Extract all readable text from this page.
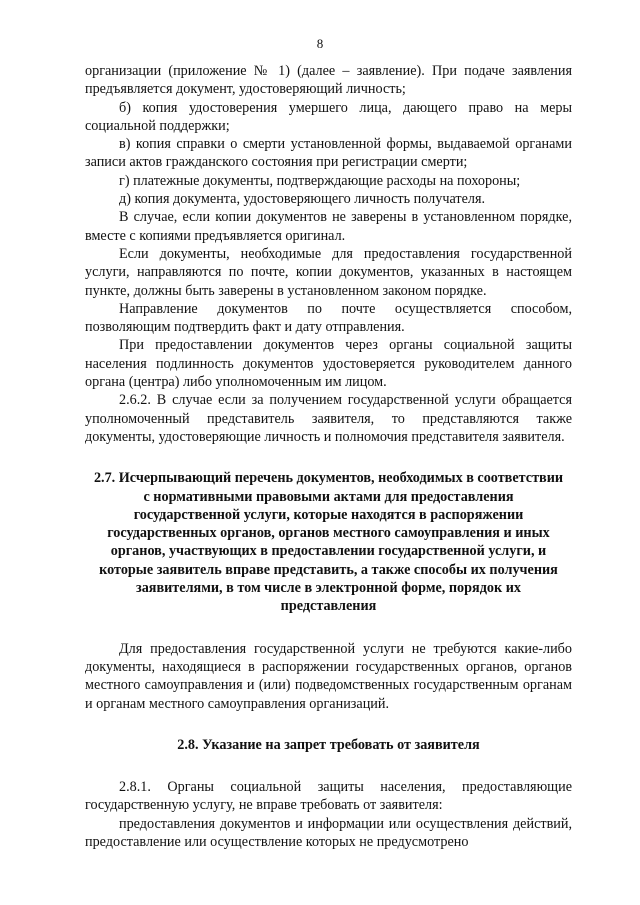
8

организации (приложение № 1) (далее – заявление). При подаче заявления предъявляется документ, удостоверяющий личность;

б) копия удостоверения умершего лица, дающего право на меры социальной поддержки;

в) копия справки о смерти установленной формы, выдаваемой органами записи актов гражданского состояния при регистрации смерти;

г) платежные документы, подтверждающие расходы на похороны;

д) копия документа, удостоверяющего личность получателя.

В случае, если копии документов не заверены в установленном порядке, вместе с копиями предъявляется оригинал.

Если документы, необходимые для предоставления государственной услуги, направляются по почте, копии документов, указанных в настоящем пункте, должны быть заверены в установленном законом порядке.

Направление документов по почте осуществляется способом, позволяющим подтвердить факт и дату отправления.

При предоставлении документов через органы социальной защиты населения подлинность документов удостоверяется руководителем данного органа (центра) либо уполномоченным им лицом.

2.6.2. В случае если за получением государственной услуги обращается уполномоченный представитель заявителя, то представляются также документы, удостоверяющие личность и полномочия представителя заявителя.

2.7. Исчерпывающий перечень документов, необходимых в соответствии с нормативными правовыми актами для предоставления государственной услуги, которые находятся в распоряжении государственных органов, органов местного самоуправления и иных органов, участвующих в предоставлении государственной услуги, и которые заявитель вправе представить, а также способы их получения заявителями, в том числе в электронной форме, порядок их представления

Для предоставления государственной услуги не требуются какие-либо документы, находящиеся в распоряжении государственных органов, органов местного самоуправления и (или) подведомственных государственным органам и органам местного самоуправления организаций.

2.8. Указание на запрет требовать от заявителя

2.8.1. Органы социальной защиты населения, предоставляющие государственную услугу, не вправе требовать от заявителя:

предоставления документов и информации или осуществления действий, предоставление или осуществление которых не предусмотрено
